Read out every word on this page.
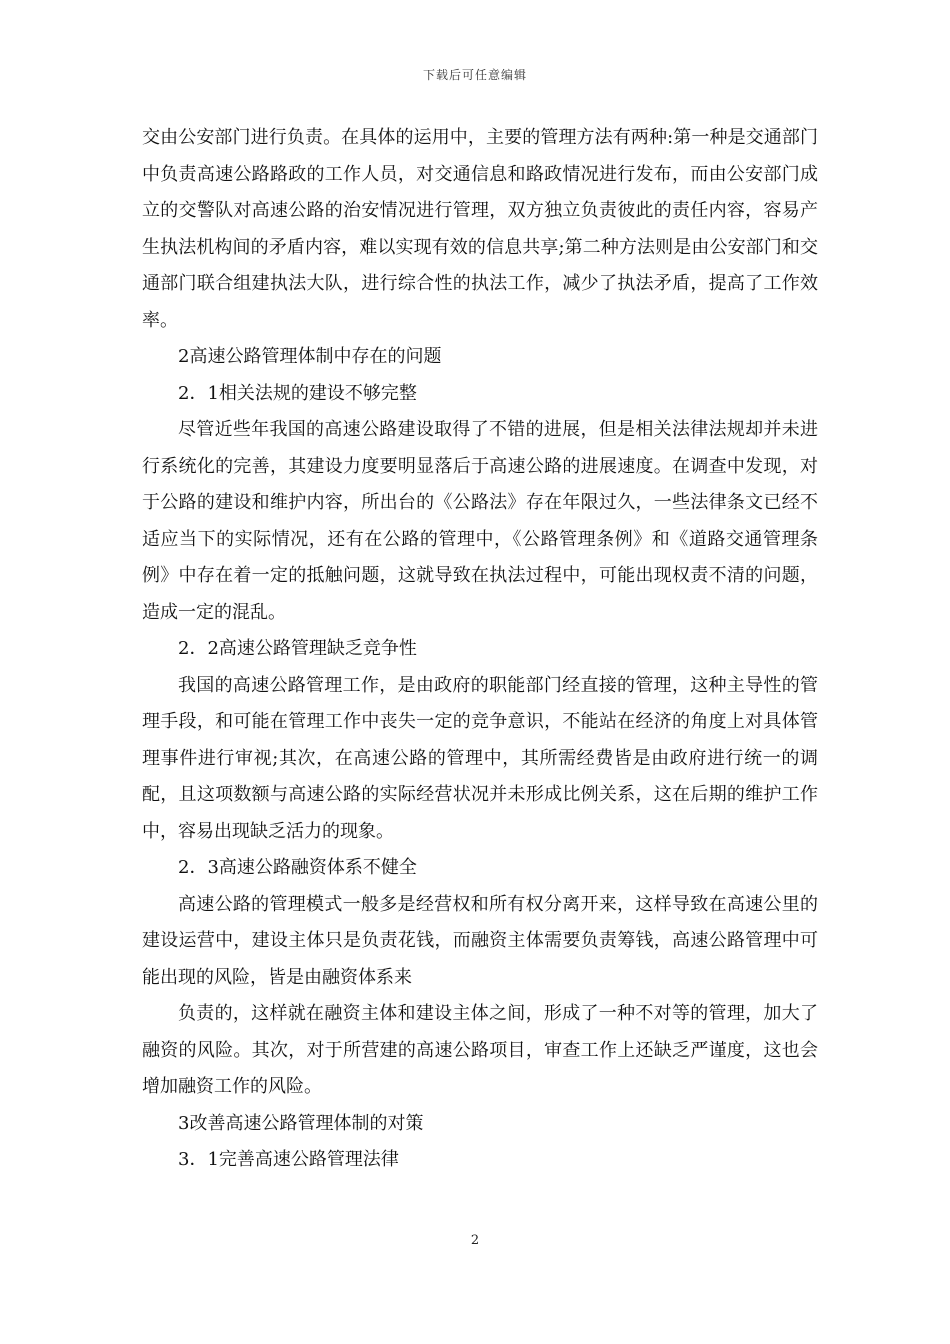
下载后可任意编辑

交由公安部门进行负责。在具体的运用中，主要的管理方法有两种:第一种是交通部门中负责高速公路路政的工作人员，对交通信息和路政情况进行发布，而由公安部门成立的交警队对高速公路的治安情况进行管理，双方独立负责彼此的责任内容，容易产生执法机构间的矛盾内容，难以实现有效的信息共享;第二种方法则是由公安部门和交通部门联合组建执法大队，进行综合性的执法工作，减少了执法矛盾，提高了工作效率。

2高速公路管理体制中存在的问题

2．1相关法规的建设不够完整

尽管近些年我国的高速公路建设取得了不错的进展，但是相关法律法规却并未进行系统化的完善，其建设力度要明显落后于高速公路的进展速度。在调查中发现，对于公路的建设和维护内容，所出台的《公路法》存在年限过久，一些法律条文已经不适应当下的实际情况，还有在公路的管理中，《公路管理条例》和《道路交通管理条例》中存在着一定的抵触问题，这就导致在执法过程中，可能出现权责不清的问题，造成一定的混乱。

2．2高速公路管理缺乏竞争性

我国的高速公路管理工作，是由政府的职能部门经直接的管理，这种主导性的管理手段，和可能在管理工作中丧失一定的竞争意识，不能站在经济的角度上对具体管理事件进行审视;其次，在高速公路的管理中，其所需经费皆是由政府进行统一的调配，且这项数额与高速公路的实际经营状况并未形成比例关系，这在后期的维护工作中，容易出现缺乏活力的现象。

2．3高速公路融资体系不健全

高速公路的管理模式一般多是经营权和所有权分离开来，这样导致在高速公里的建设运营中，建设主体只是负责花钱，而融资主体需要负责筹钱，高速公路管理中可能出现的风险，皆是由融资体系来

负责的，这样就在融资主体和建设主体之间，形成了一种不对等的管理，加大了融资的风险。其次，对于所营建的高速公路项目，审查工作上还缺乏严谨度，这也会增加融资工作的风险。

3改善高速公路管理体制的对策

3．1完善高速公路管理法律

2
